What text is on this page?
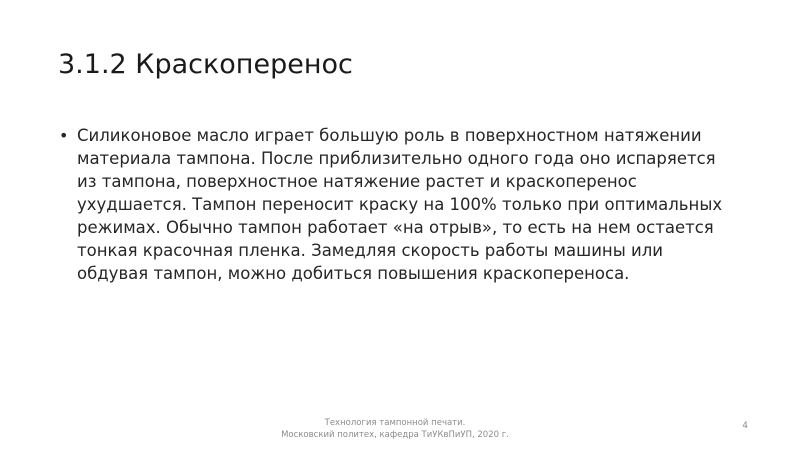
3.1.2 Краскоперенос
• Силиконовое масло играет большую роль в поверхностном натяжении материала тампона. После приблизительно одного года оно испаряется из тампона, поверхностное натяжение растет и краскоперенос ухудшается. Тампон переносит краску на 100% только при оптимальных режимах. Обычно тампон работает «на отрыв», то есть на нем остается тонкая красочная пленка. Замедляя скорость работы машины или обдувая тампон, можно добиться повышения краскопереноса.
Технология тампонной печати.
Московский политех, кафедра ТиУКвПиУП, 2020 г.
4
